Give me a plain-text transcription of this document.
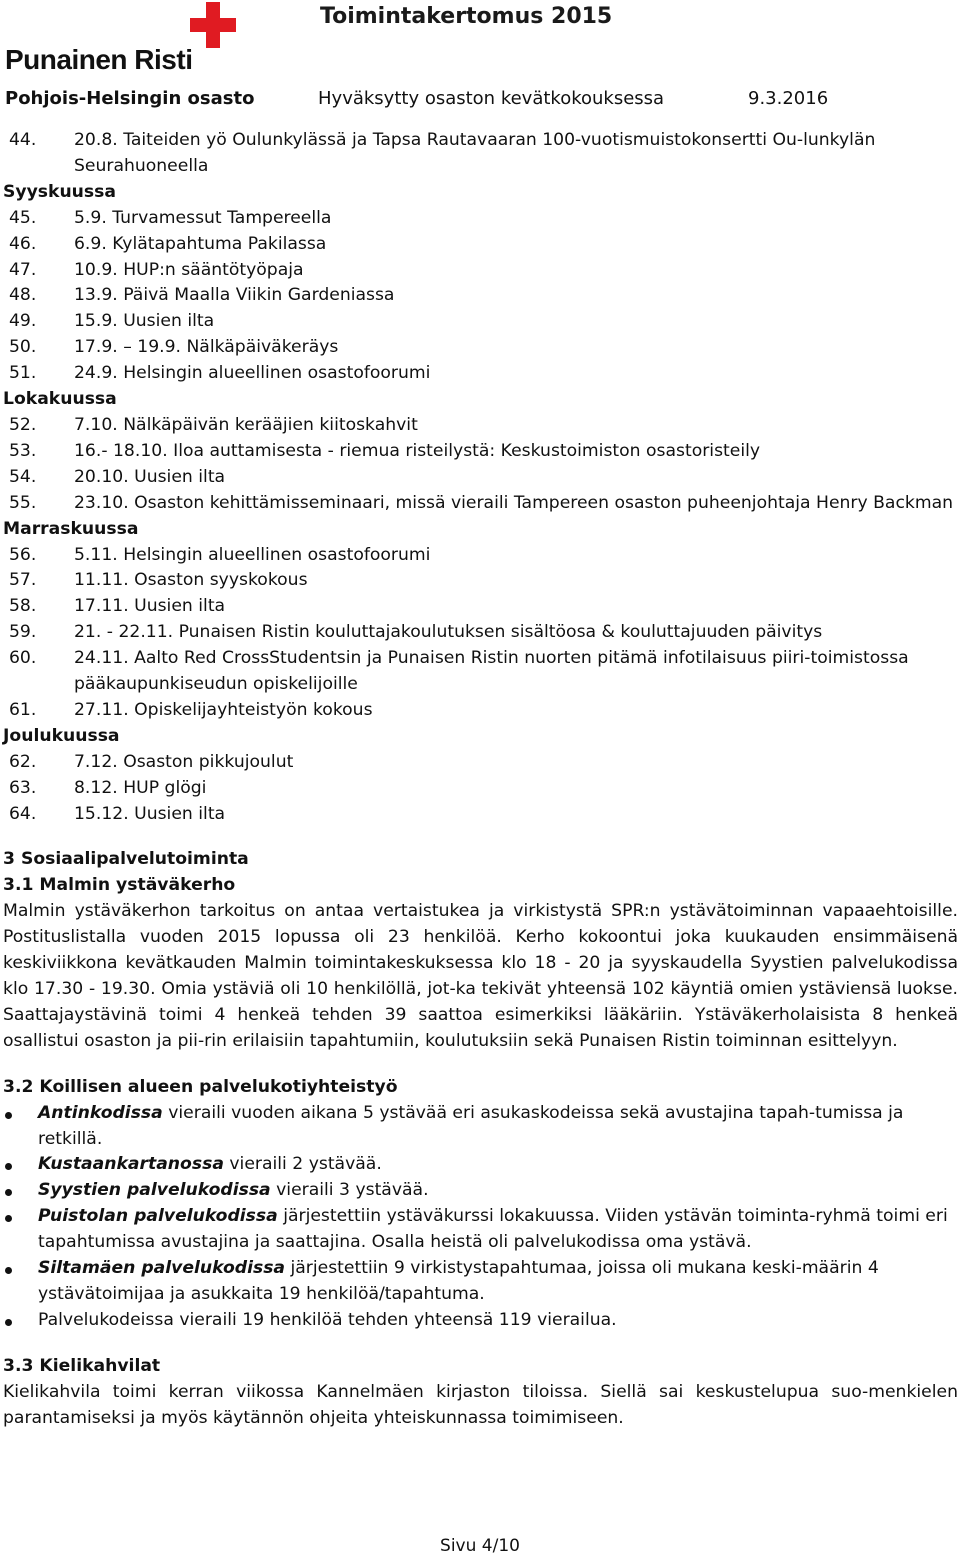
Toimintakertomus 2015
Punainen Risti
Pohjois-Helsingin osasto	Hyväksytty osaston kevätkokouksessa	9.3.2016
44. 20.8. Taiteiden yö Oulunkylässä ja Tapsa Rautavaaran 100-vuotismuistokonsertti Ou-lunkylän Seurahuoneella
Syyskuussa
45. 5.9. Turvamessut Tampereella
46. 6.9. Kylätapahtuma Pakilassa
47. 10.9. HUP:n sääntötyöpaja
48. 13.9. Päivä Maalla Viikin Gardeniassa
49. 15.9. Uusien ilta
50. 17.9. – 19.9. Nälkäpäiväkeräys
51. 24.9. Helsingin alueellinen osastofoorumi
Lokakuussa
52. 7.10. Nälkäpäivän kerääjien kiitoskahvit
53. 16.- 18.10. Iloa auttamisesta - riemua risteilystä: Keskustoimiston osastoristeily
54. 20.10. Uusien ilta
55. 23.10. Osaston kehittämisseminaari, missä vieraili Tampereen osaston puheenjohtaja Henry Backman
Marraskuussa
56. 5.11. Helsingin alueellinen osastofoorumi
57. 11.11. Osaston syyskokous
58. 17.11. Uusien ilta
59. 21. - 22.11. Punaisen Ristin kouluttajakoulutuksen sisältöosa & kouluttajuuden päivitys
60. 24.11. Aalto Red CrossStudentsin ja Punaisen Ristin nuorten pitämä infotilaisuus piiri-toimistossa pääkaupunkiseudun opiskelijoille
61. 27.11. Opiskelijayhteistyön kokous
Joulukuussa
62. 7.12. Osaston pikkujoulut
63. 8.12. HUP glögi
64. 15.12. Uusien ilta
3 Sosiaalipalvelutoiminta
3.1 Malmin ystäväkerho
Malmin ystäväkerhon tarkoitus on antaa vertaistukea ja virkistystä SPR:n ystävätoiminnan vapaaehtoisille. Postituslistalla vuoden 2015 lopussa oli 23 henkilöä. Kerho kokoontui joka kuukauden ensimmäisenä keskiviikkona kevätkauden Malmin toimintakeskuksessa klo 18 - 20 ja syyskaudella Syystien palvelukodissa klo 17.30 - 19.30. Omia ystäviä oli 10 henkilöllä, jot-ka tekivät yhteensä 102 käyntiä omien ystäviensä luokse. Saattajaystävinä toimi 4 henkeä tehden 39 saattoa esimerkiksi lääkäriin. Ystäväkerholaisista 8 henkeä osallistui osaston ja pii-rin erilaisiin tapahtumiin, koulutuksiin sekä Punaisen Ristin toiminnan esittelyyn.
3.2 Koillisen alueen palvelukotiyhteistyö
Antinkodissa vieraili vuoden aikana 5 ystävää eri asukaskodeissa sekä avustajina tapah-tumissa ja retkillä.
Kustaankartanossa vieraili 2 ystävää.
Syystien palvelukodissa vieraili 3 ystävää.
Puistolan palvelukodissa järjestettiin ystäväkurssi lokakuussa. Viiden ystävän toiminta-ryhmä toimi eri tapahtumissa avustajina ja saattajina. Osalla heistä oli palvelukodissa oma ystävä.
Siltamäen palvelukodissa järjestettiin 9 virkistystapahtumaa, joissa oli mukana keski-määrin 4 ystävätoimijaa ja asukkaita 19 henkilöä/tapahtuma.
Palvelukodeissa vieraili 19 henkilöä tehden yhteensä 119 vierailua.
3.3 Kielikahvilat
Kielikahvila toimi kerran viikossa Kannelmäen kirjaston tiloissa. Siellä sai keskustelupua suo-menkielen parantamiseksi ja myös käytännön ohjeita yhteiskunnassa toimimiseen.
Sivu 4/10
